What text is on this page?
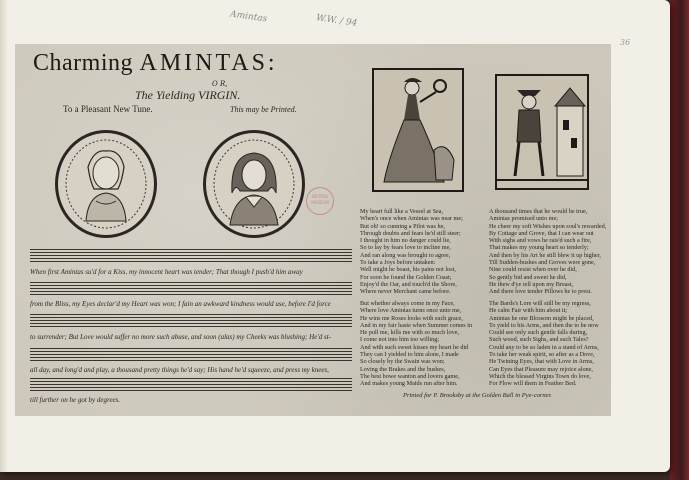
Amintas	W.W. / 94
36
Charming AMINTAS:
O R,
The Yielding VIRGIN.
To a Pleasant New Tune.	This may be Printed.
BRITISH MUSEUM
When first Amintas su'd for a Kiss, my innocent heart was tender; That though I push'd him away
from the Bliss, my Eyes declar'd my Heart was won; I fain an awkward kindness would use, before I'd force
to surrender; But Love would suffer no more such abuse, and soon (alas) my Cheeks was blushing; He'd st-
all day, and long'd and play, a thousand pretty things he'd say; His hand he'd squeeze, and press my knees,
till further on he got by degrees.
My heart full like a Vessel at Sea,
When's once when Amintas was near me;
But oh! so cunning a Pilot was he,
Through doubts and fears he'd still steer;
I thought in him no danger could lie,
So to lay by fears love to incline me,
And ran along was brought to agree,
To take a Joys before untaken:
Well might he boast, his pains not lost,
For soon he found the Golden Coast;
Enjoy'd the Oar, and touch'd the Shore,
Where never Merchant came before.
But whether always come in my Face,
Where love Amintas turns once unto me,
He wins me Roses looks with such grace,
And in my fair haste when Summer comes in
He pull me, kills me with so much love,
I come not into him too willing;
And with such sweet kisses my heart he did
They can I yielded to him alone, I made
So closely by the Swain was won;
Loving the Brakes and the bushes,
The best bowe wanton and lovers game,
And makes young Maids run after him.
A thousand times that he would be true,
Amintas promised unto me;
He cheer my soft Wishes upon soul's rewarded,
By Cottage and Grove, that I can wear out
With sighs and vows he rais'd such a fire,
That makes my young heart so tenderly;
And then by his Art he still blew it up higher,
Till Sudden-bushes and Groves were gone,
Nine could resist when over he did,
So gently bid and sweet he did,
He thew d'ye tell upon my Breast,
And there love tender Pillows he to prest.
The Bards's Lore will still be my regress,
He calm Fair with him about it;
Amintas he one Blossom might be placed,
To yield to his Arms, and then the to be now
Could see only such gentle falls during,
Such wood, such Sighs, and such Tales?
Could any to be so laden in a stand of Arms,
To take her weak spirit, so after as a Dove,
He Twining Eyes, that with Love in Arms,
Can Eyes that Pleasure may rejoice alone,
Which the blessed Virgins Town do love,
For Flow will them in Feather Bed.
Printed for P. Brooksby at the Golden Ball in Pye-corner.
